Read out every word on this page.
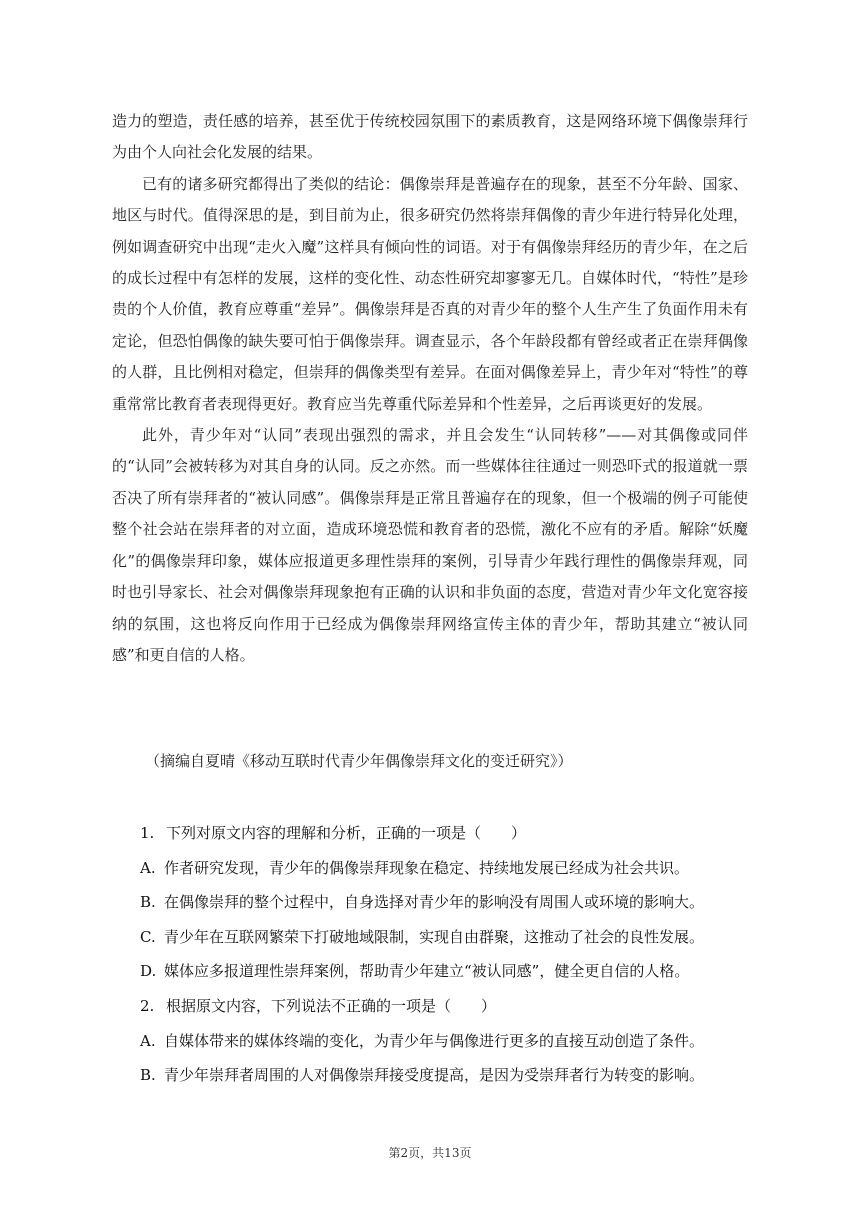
造力的塑造，责任感的培养，甚至优于传统校园氛围下的素质教育，这是网络环境下偶像崇拜行为由个人向社会化发展的结果。

已有的诸多研究都得出了类似的结论：偶像崇拜是普遍存在的现象，甚至不分年龄、国家、地区与时代。值得深思的是，到目前为止，很多研究仍然将崇拜偶像的青少年进行特异化处理，例如调查研究中出现“走火入魔”这样具有倾向性的词语。对于有偶像崇拜经历的青少年，在之后的成长过程中有怎样的发展，这样的变化性、动态性研究却寥寥无几。自媒体时代，“特性”是珍贵的个人价值，教育应尊重“差异”。偶像崇拜是否真的对青少年的整个人生产生了负面作用未有定论，但恐怕偶像的缺失要可怕于偶像崇拜。调查显示，各个年龄段都有曾经或者正在崇拜偶像的人群，且比例相对稳定，但崇拜的偶像类型有差异。在面对偶像差异上，青少年对“特性”的尊重常常比教育者表现得更好。教育应当先尊重代际差异和个性差异，之后再谈更好的发展。

此外，青少年对“认同”表现出强烈的需求，并且会发生“认同转移”——对其偶像或同伴的“认同”会被转移为对其自身的认同。反之亦然。而一些媒体往往通过一则恐吓式的报道就一票否决了所有崇拜者的“被认同感”。偶像崇拜是正常且普遍存在的现象，但一个极端的例子可能使整个社会站在崇拜者的对立面，造成环境恐慌和教育者的恐慌，激化不应有的矛盾。解除“妖魔化”的偶像崇拜印象，媒体应报道更多理性崇拜的案例，引导青少年践行理性的偶像崇拜观，同时也引导家长、社会对偶像崇拜现象抱有正确的认识和非负面的态度，营造对青少年文化宽容接纳的氛围，这也将反向作用于已经成为偶像崇拜网络宣传主体的青少年，帮助其建立“被认同感”和更自信的人格。

（摘编自夏晴《移动互联时代青少年偶像崇拜文化的变迁研究》）
1. 下列对原文内容的理解和分析，正确的一项是（　　）
A. 作者研究发现，青少年的偶像崇拜现象在稳定、持续地发展已经成为社会共识。
B. 在偶像崇拜的整个过程中，自身选择对青少年的影响没有周围人或环境的影响大。
C. 青少年在互联网繁荣下打破地域限制，实现自由群聚，这推动了社会的良性发展。
D. 媒体应多报道理性崇拜案例，帮助青少年建立“被认同感”，健全更自信的人格。
2. 根据原文内容，下列说法不正确的一项是（　　）
A. 自媒体带来的媒体终端的变化，为青少年与偶像进行更多的直接互动创造了条件。
B. 青少年崇拜者周围的人对偶像崇拜接受度提高，是因为受崇拜者行为转变的影响。
第2页，共13页
